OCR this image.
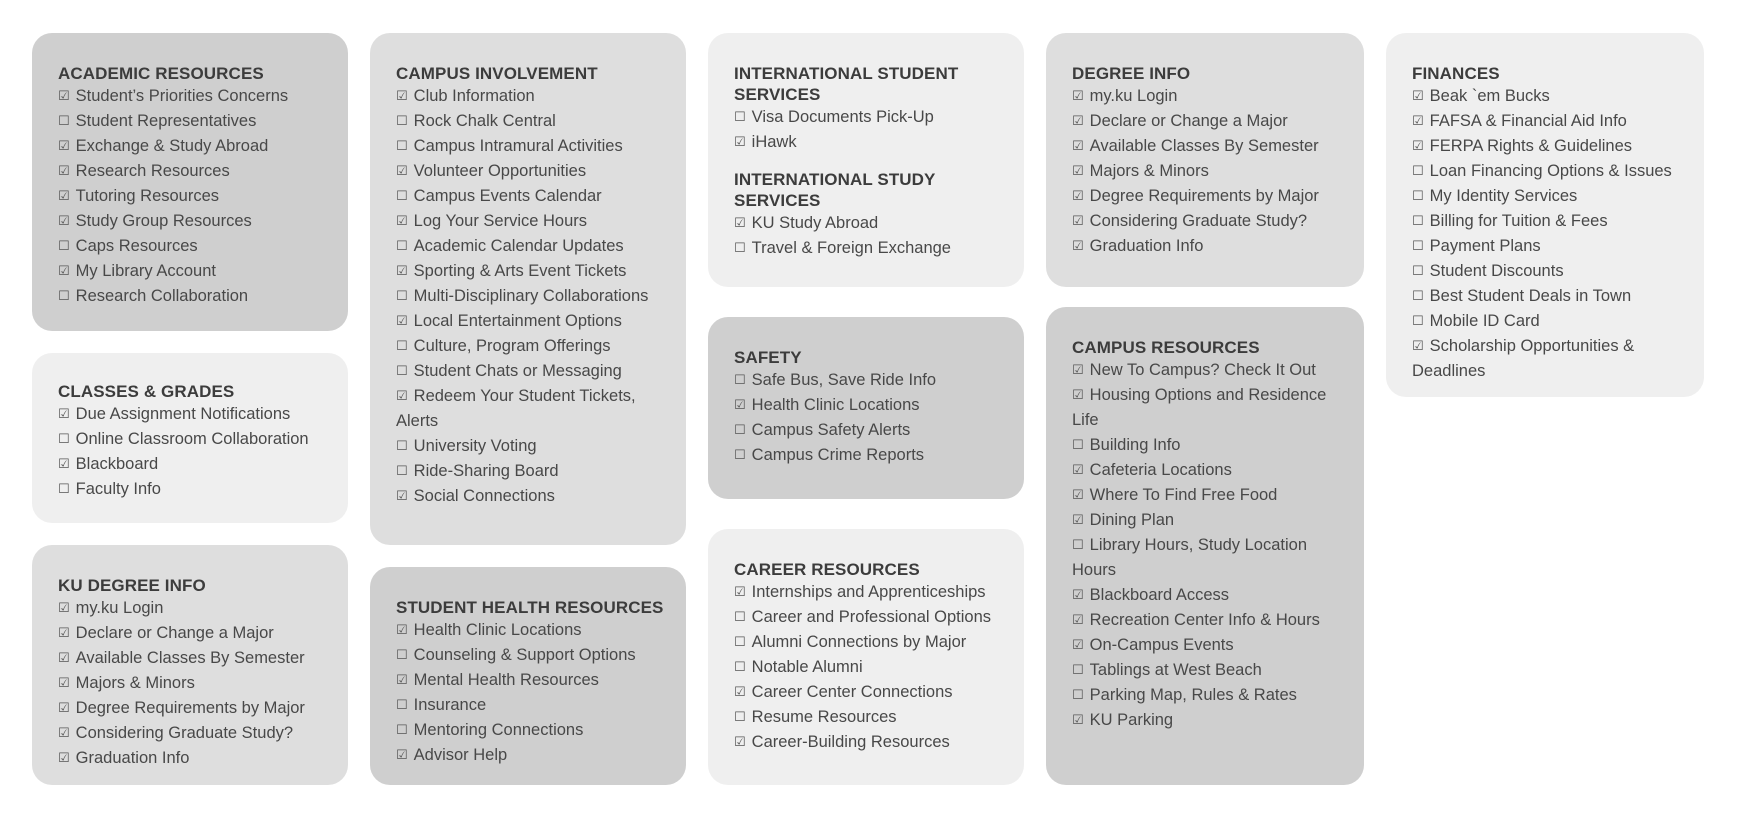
ACADEMIC RESOURCES
☑ Student’s Priorities Concerns
☐ Student Representatives
☑ Exchange & Study Abroad
☑ Research Resources
☑ Tutoring Resources
☑ Study Group Resources
☐ Caps Resources
☑ My Library Account
☐ Research Collaboration
CLASSES & GRADES
☑ Due Assignment Notifications
☐ Online Classroom Collaboration
☑ Blackboard
☐ Faculty Info
KU DEGREE INFO
☑ my.ku Login
☑ Declare or Change a Major
☑ Available Classes By Semester
☑ Majors & Minors
☑ Degree Requirements by Major
☑ Considering Graduate Study?
☑ Graduation Info
CAMPUS INVOLVEMENT
☑ Club Information
☐ Rock Chalk Central
☐ Campus Intramural Activities
☑ Volunteer Opportunities
☐ Campus Events Calendar
☑ Log Your Service Hours
☐ Academic Calendar Updates
☑ Sporting & Arts Event Tickets
☐ Multi-Disciplinary Collaborations
☑ Local Entertainment Options
☐ Culture, Program Offerings
☐ Student Chats or Messaging
☑ Redeem Your Student Tickets, Alerts
☐ University Voting
☐ Ride-Sharing Board
☑ Social Connections
STUDENT HEALTH RESOURCES
☑ Health Clinic Locations
☐ Counseling & Support Options
☑ Mental Health Resources
☐ Insurance
☐ Mentoring Connections
☑ Advisor Help
INTERNATIONAL STUDENT SERVICES
☐ Visa Documents Pick-Up
☑ iHawk
INTERNATIONAL STUDY SERVICES
☑ KU Study Abroad
☐ Travel & Foreign Exchange
SAFETY
☐ Safe Bus, Save Ride Info
☑ Health Clinic Locations
☐ Campus Safety Alerts
☐ Campus Crime Reports
CAREER RESOURCES
☑ Internships and Apprenticeships
☐ Career and Professional Options
☐ Alumni Connections by Major
☐ Notable Alumni
☑ Career Center Connections
☐ Resume Resources
☑ Career-Building Resources
DEGREE INFO
☑ my.ku Login
☑ Declare or Change a Major
☑ Available Classes By Semester
☑ Majors & Minors
☑ Degree Requirements by Major
☑ Considering Graduate Study?
☑ Graduation Info
CAMPUS RESOURCES
☑ New To Campus? Check It Out
☑ Housing Options and Residence Life
☐ Building Info
☑ Cafeteria Locations
☑ Where To Find Free Food
☑ Dining Plan
☐ Library Hours, Study Location Hours
☑ Blackboard Access
☑ Recreation Center Info & Hours
☑ On-Campus Events
☐ Tablings at West Beach
☐ Parking Map, Rules & Rates
☑ KU Parking
FINANCES
☑ Beak `em Bucks
☑ FAFSA & Financial Aid Info
☑ FERPA Rights & Guidelines
☐ Loan Financing Options & Issues
☐ My Identity Services
☐ Billing for Tuition & Fees
☐ Payment Plans
☐ Student Discounts
☐ Best Student Deals in Town
☐ Mobile ID Card
☑ Scholarship Opportunities & Deadlines
